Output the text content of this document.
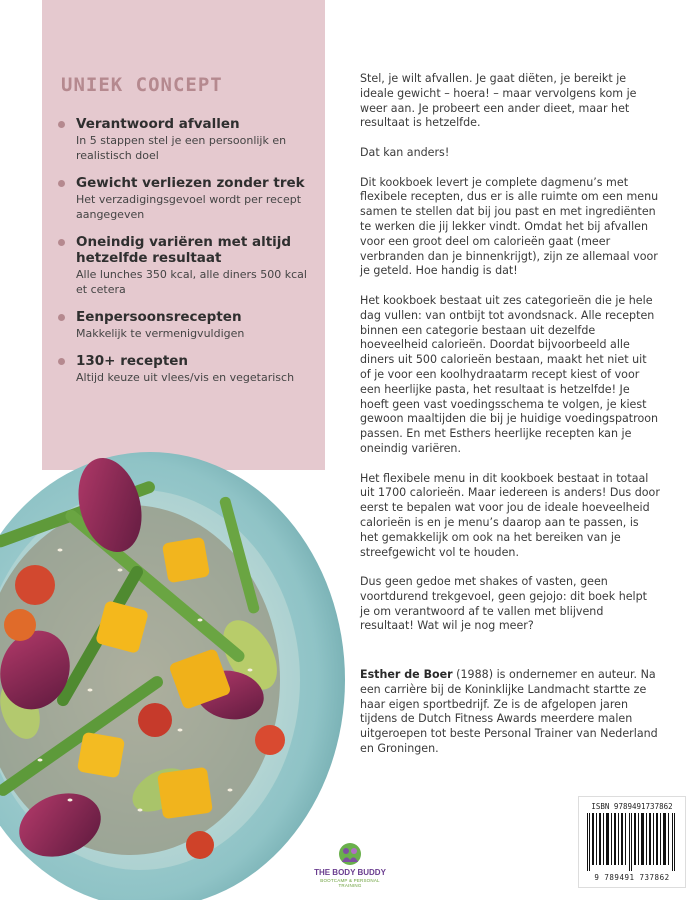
UNIEK CONCEPT
Verantwoord afvallen
In 5 stappen stel je een persoonlijk en realistisch doel
Gewicht verliezen zonder trek
Het verzadigingsgevoel wordt per recept aangegeven
Oneindig variëren met altijd hetzelfde resultaat
Alle lunches 350 kcal, alle diners 500 kcal et cetera
Eenpersoonsrecepten
Makkelijk te vermenigvuldigen
130+ recepten
Altijd keuze uit vlees/vis en vegetarisch

Stel, je wilt afvallen. Je gaat diëten, je bereikt je ideale gewicht – hoera! – maar vervolgens kom je weer aan. Je probeert een ander dieet, maar het resultaat is hetzelfde.

Dat kan anders!

Dit kookboek levert je complete dagmenu’s met flexibele recepten, dus er is alle ruimte om een menu samen te stellen dat bij jou past en met ingrediënten te werken die jij lekker vindt. Omdat het bij afvallen voor een groot deel om calorieën gaat (meer verbranden dan je binnenkrijgt), zijn ze allemaal voor je geteld. Hoe handig is dat!

Het kookboek bestaat uit zes categorieën die je hele dag vullen: van ontbijt tot avondsnack. Alle recepten binnen een categorie bestaan uit dezelfde hoeveelheid calorieën. Doordat bijvoorbeeld alle diners uit 500 calorieën bestaan, maakt het niet uit of je voor een koolhydraatarm recept kiest of voor een heerlijke pasta, het resultaat is hetzelfde! Je hoeft geen vast voedingsschema te volgen, je kiest gewoon maaltijden die bij je huidige voedingspatroon passen. En met Esthers heerlijke recepten kan je oneindig variëren.

Het flexibele menu in dit kookboek bestaat in totaal uit 1700 calorieën. Maar iedereen is anders! Dus door eerst te bepalen wat voor jou de ideale hoeveelheid calorieën is en je menu’s daarop aan te passen, is het gemakkelijk om ook na het bereiken van je streefgewicht vol te houden.

Dus geen gedoe met shakes of vasten, geen voortdurend trekgevoel, geen gejojo: dit boek helpt je om verantwoord af te vallen met blijvend resultaat! Wat wil je nog meer?

Esther de Boer (1988) is ondernemer en auteur. Na een carrière bij de Koninklijke Landmacht startte ze haar eigen sportbedrijf. Ze is de afgelopen jaren tijdens de Dutch Fitness Awards meerdere malen uitgeroepen tot beste Personal Trainer van Nederland en Groningen.

THE BODY BUDDY
BOOTCAMP & PERSONAL TRAINING
ISBN 9789491737862
9 789491 737862
